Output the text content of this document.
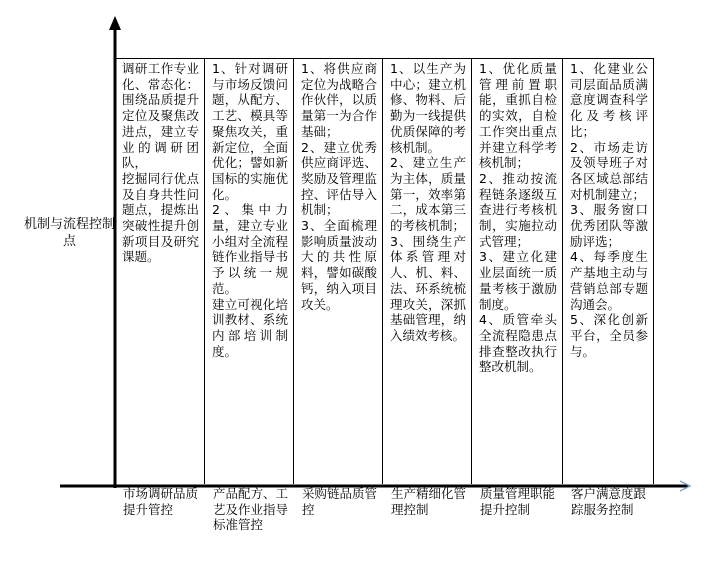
机制与流程控制点
调研工作专业化、常态化：围绕品质提升定位及聚焦改进点，建立专业的调研团队，
挖掘同行优点及自身共性问题点，提炼出突破性提升创新项目及研究课题。
1、针对调研与市场反馈问题，从配方、工艺、模具等聚焦攻关，重新定位，全面优化；譬如新国标的实施优化。
2、集中力量，建立专业小组对全流程链作业指导书予以统一规范。
建立可视化培训教材、系统内部培训制度。
1、将供应商定位为战略合作伙伴，以质量第一为合作基础；
2、建立优秀供应商评选、奖励及管理监控、评估导入机制；
3、全面梳理影响质量波动大的共性原料，譬如碳酸钙，纳入项目攻关。
1、以生产为中心；建立机修、物料、后勤为一线提供优质保障的考核机制。
2、建立生产为主体，质量第一，效率第二，成本第三的考核机制；
3、围绕生产体系管理对人、机、料、法、环系统梳理攻关，深抓基础管理，纳入绩效考核。
1、优化质量管理前置职能，重抓自检的实效，自检工作突出重点并建立科学考核机制；
2、推动按流程链条逐级互查进行考核机制，实施拉动式管理；
3、建立化建业层面统一质量考核于激励制度。
4、质管牵头全流程隐患点排查整改执行整改机制。
1、化建业公司层面品质满意度调查科学化及考核评比；
2、市场走访及领导班子对各区域总部结对机制建立；
3、服务窗口优秀团队等激励评选；
4、每季度生产基地主动与营销总部专题沟通会。
5、深化创新平台，全员参与。
市场调研品质提升管控
产品配方、工艺及作业指导标准管控
采购链品质管控
生产精细化管理控制
质量管理职能提升控制
客户满意度跟踪服务控制
